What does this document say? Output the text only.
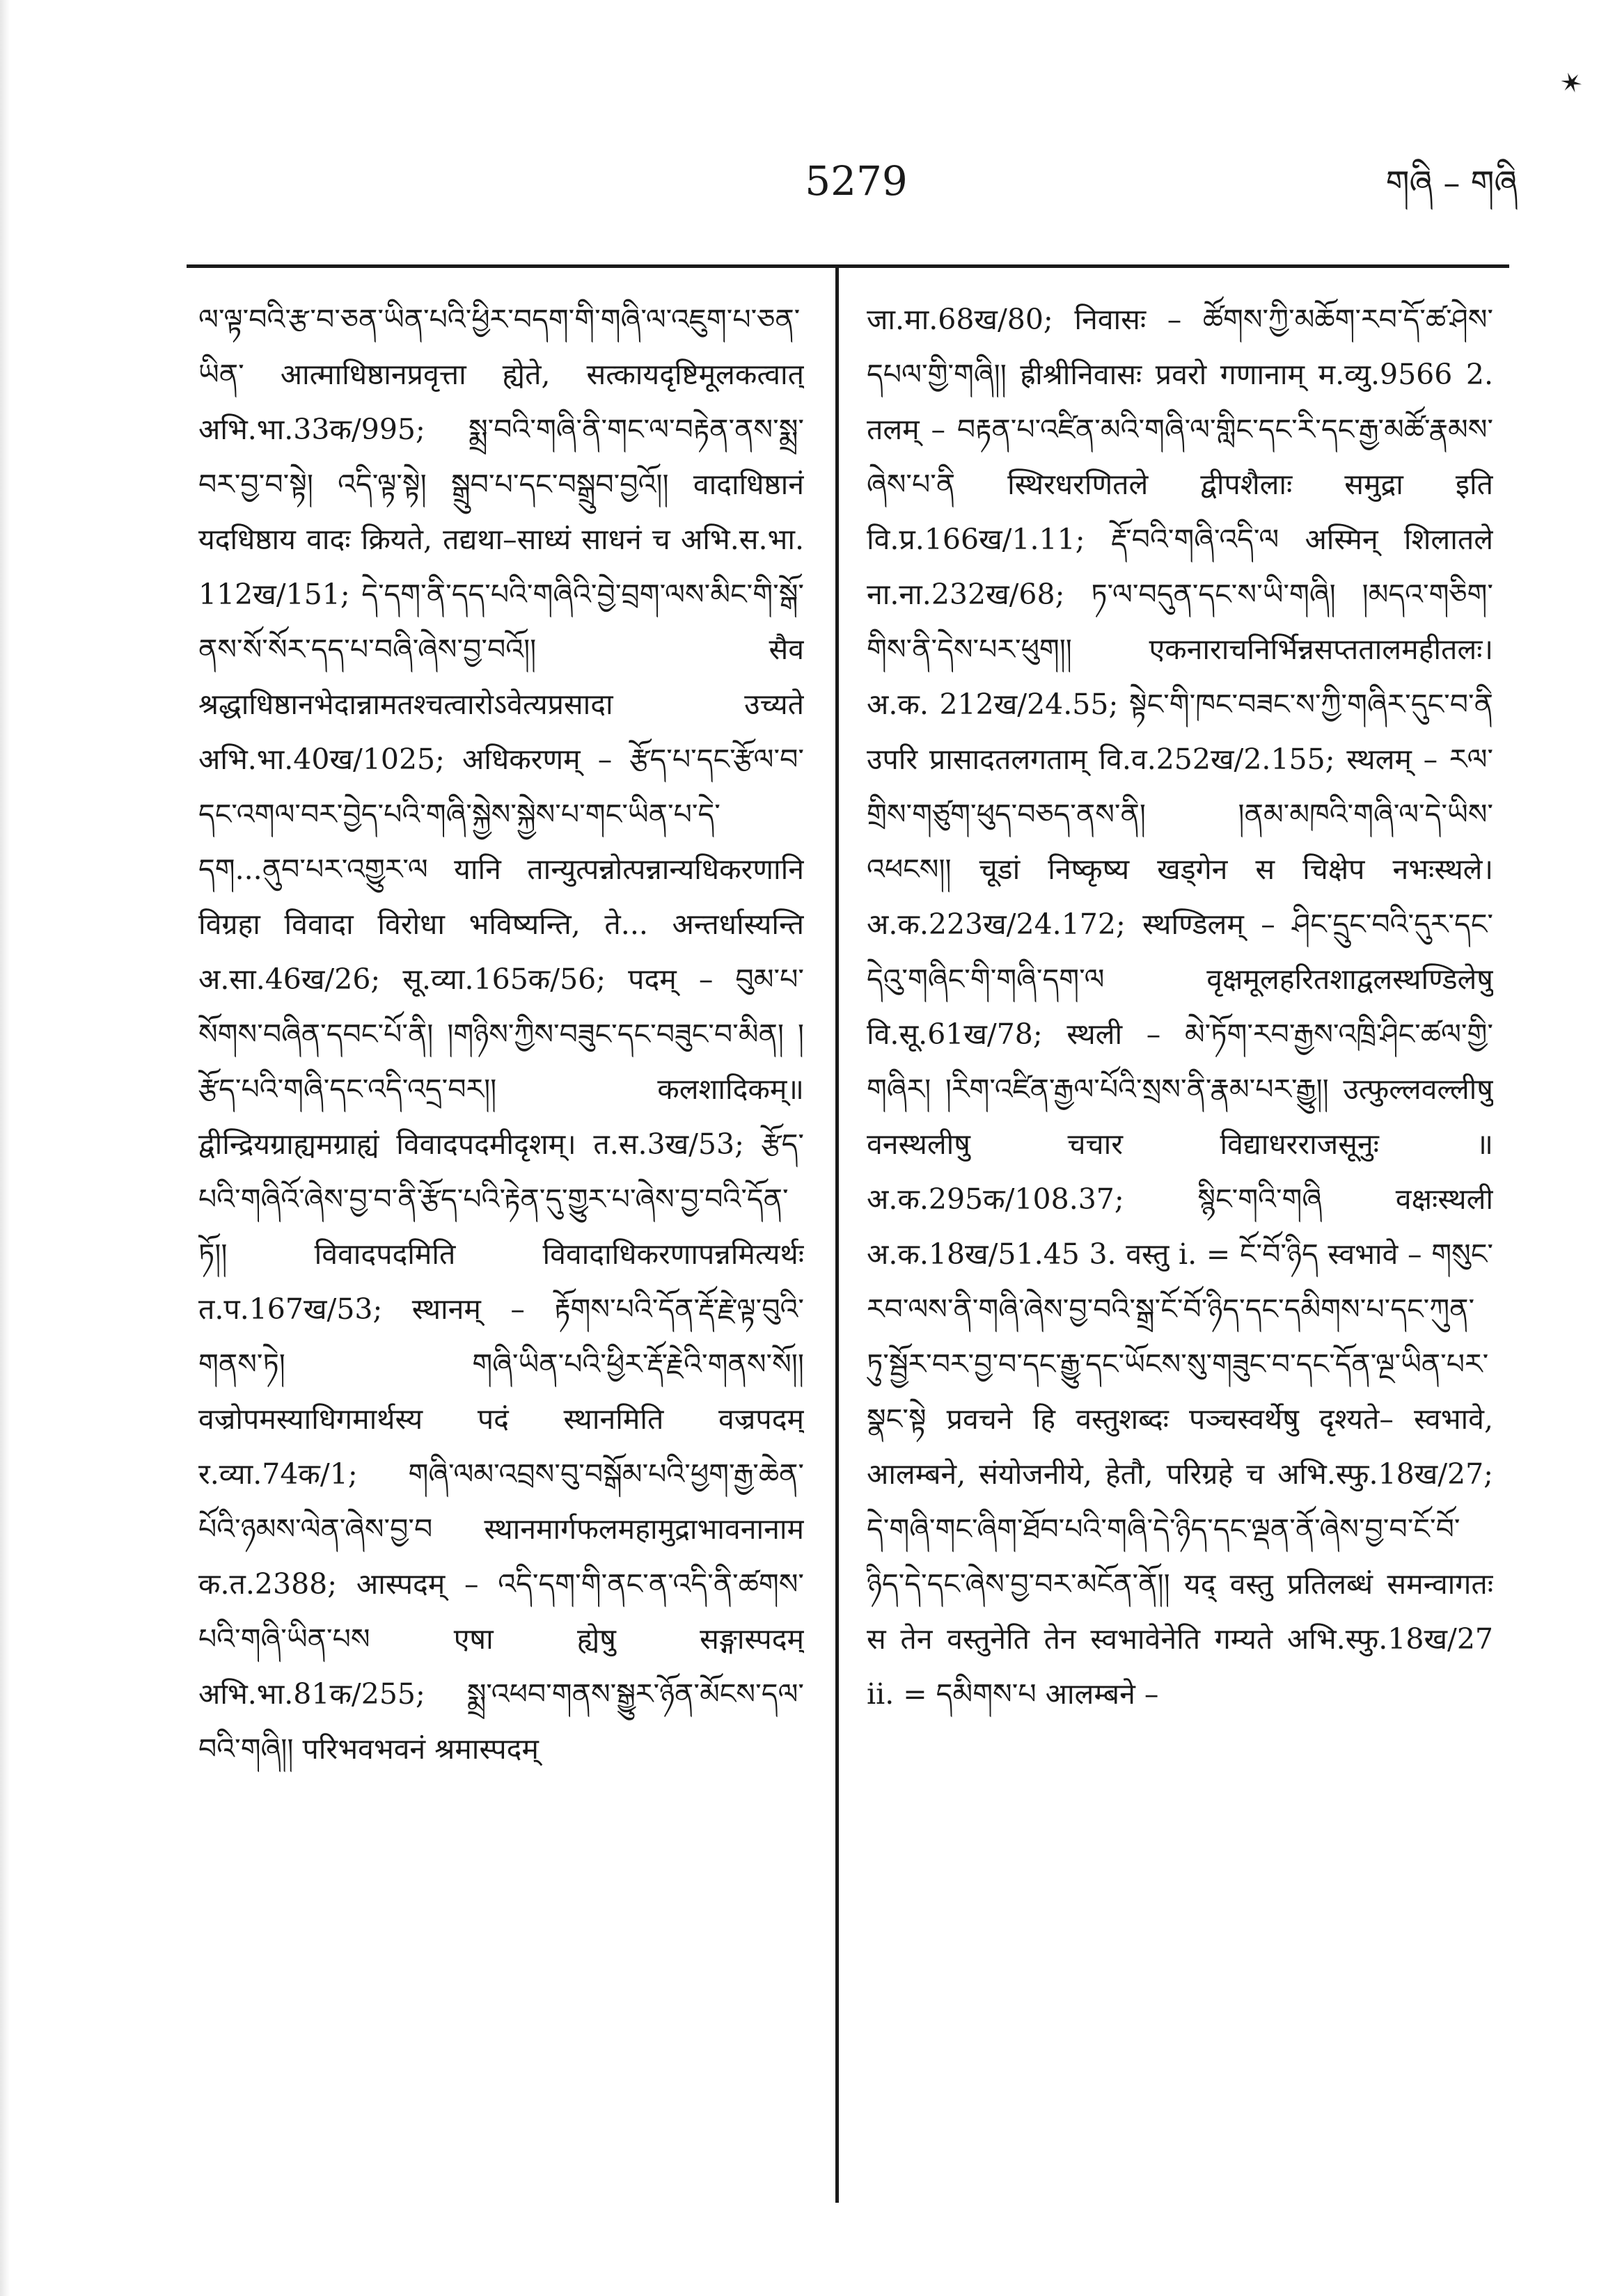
✶
5279	གཞི – གཞི

ལ་ལྟ་བའི་རྩ་བ་ཅན་ཡིན་པའི་ཕྱིར་བདག་གི་གཞི་ལ་འཇུག་པ་ཅན་ཡིན་ आत्माधिष्ठानप्रवृत्ता ह्येते, सत्कायदृष्टिमूलकत्वात् अभि.भा.33क/995; སྨྲ་བའི་གཞི་ནི་གང་ལ་བརྟེན་ནས་སྨྲ་བར་བྱ་བ་སྟེ། འདི་ལྟ་སྟེ། སྒྲུབ་པ་དང་བསྒྲུབ་བྱའོ།། वादाधिष्ठानं यदधिष्ठाय वादः क्रियते, तद्यथा–साध्यं साधनं च अभि.स.भा. 112ख/151; དེ་དག་ནི་དད་པའི་གཞིའི་བྱེ་བྲག་ལས་མིང་གི་སྒོ་ནས་སོ་སོར་དད་པ་བཞི་ཞེས་བྱ་བའོ།། सैव श्रद्धाधिष्ठानभेदान्नामतश्चत्वारोऽवेत्यप्रसादा उच्यते अभि.भा.40ख/1025; अधिकरणम् – རྩོད་པ་དང་རྩོལ་བ་དང་འགལ་བར་བྱེད་པའི་གཞི་སྐྱེས་སྐྱེས་པ་གང་ཡིན་པ་དེ་དག...ནུབ་པར་འགྱུར་ལ यानि तान्युत्पन्नोत्पन्नान्यधिकरणानि विग्रहा विवादा विरोधा भविष्यन्ति, ते... अन्तर्धास्यन्ति अ.सा.46ख/26; सू.व्या.165क/56; पदम् – བུམ་པ་སོགས་བཞིན་དབང་པོ་ནི། །གཉིས་ཀྱིས་བཟུང་དང་བཟུང་བ་མིན། །རྩོད་པའི་གཞི་དང་འདི་འདྲ་བར།། कलशादिकम्॥ द्वीन्द्रियग्राह्यमग्राह्यं विवादपदमीदृशम्। त.स.3ख/53; རྩོད་པའི་གཞིའོ་ཞེས་བྱ་བ་ནི་རྩོད་པའི་རྟེན་དུ་གྱུར་པ་ཞེས་བྱ་བའི་དོན་ཏོ།། विवादपदमिति विवादाधिकरणापन्नमित्यर्थः त.प.167ख/53; स्थानम् – རྟོགས་པའི་དོན་རྡོ་རྗེ་ལྟ་བུའི་གནས་ཏེ། གཞི་ཡིན་པའི་ཕྱིར་རྡོ་རྗེའི་གནས་སོ།། वज्रोपमस्याधिगमार्थस्य पदं स्थानमिति वज्रपदम् र.व्या.74क/1; གཞི་ལམ་འབྲས་བུ་བསྒོམ་པའི་ཕྱག་རྒྱ་ཆེན་པོའི་ཉམས་ལེན་ཞེས་བྱ་བ स्थानमार्गफलमहामुद्राभावनानाम क.त.2388; आस्पदम् – འདི་དག་གི་ནང་ན་འདི་ནི་ཚགས་པའི་གཞི་ཡིན་པས एषा ह्येषु सङ्गास्पदम् अभि.भा.81क/255; སྨྲ་འཕབ་གནས་སྒྱུར་ཉོན་མོངས་དལ་བའི་གཞི།། परिभवभवनं श्रमास्पदम्

जा.मा.68ख/80; निवासः – ཚོགས་ཀྱི་མཆོག་རབ་དོ་ཚ་ཤེས་དཔལ་གྱི་གཞི།། ह्रीश्रीनिवासः प्रवरो गणानाम् म.व्यु.9566 2. तलम् – བརྟན་པ་འཛིན་མའི་གཞི་ལ་གླིང་དང་རི་དང་རྒྱ་མཚོ་རྣམས་ཞེས་པ་ནི स्थिरधरणितले द्वीपशैलाः समुद्रा इति वि.प्र.166ख/1.11; རྡོ་བའི་གཞི་འདི་ལ अस्मिन् शिलातले ना.ना.232ख/68; ཏ་ལ་བདུན་དང་ས་ཡི་གཞི། །མདའ་གཅིག་གིས་ནི་དེས་པར་ཕུག།། एकनाराचनिर्भिन्नसप्ततालमहीतलः। अ.क. 212ख/24.55; སྟེང་གི་ཁང་བཟང་ས་ཀྱི་གཞིར་དུང་བ་ནི उपरि प्रासादतलगताम् वि.व.252ख/2.155; स्थलम् – རལ་གྲིས་གཙུག་ཕུད་བཅད་ནས་ནི། །ནམ་མཁའི་གཞི་ལ་དེ་ཡིས་འཕངས།། चूडां निष्कृष्य खड्गेन स चिक्षेप नभःस्थले। अ.क.223ख/24.172; स्थण्डिलम् – ཤིང་དྲུང་བའི་དུར་དང་དེའུ་གཞིང་གི་གཞི་དག་ལ वृक्षमूलहरितशाद्वलस्थण्डिलेषु वि.सू.61ख/78; स्थली – མེ་ཏོག་རབ་རྒྱས་འཁྲི་ཤིང་ཚལ་གྱི་གཞིར། །རིག་འཛིན་རྒྱལ་པོའི་སྲས་ནི་རྣམ་པར་རྒྱུ།། उत्फुल्लवल्लीषु वनस्थलीषु चचार विद्याधरराजसूनुः ॥ अ.क.295क/108.37; སྙིང་གའི་གཞི वक्षःस्थली अ.क.18ख/51.45 3. वस्तु i. = ངོ་བོ་ཉིད स्वभावे – གསུང་རབ་ལས་ནི་གཞི་ཞེས་བྱ་བའི་སྒྲ་ངོ་བོ་ཉིད་དང་དམིགས་པ་དང་ཀུན་ཏུ་སྦྱོར་བར་བྱ་བ་དང་རྒྱུ་དང་ཡོངས་སུ་གཟུང་བ་དང་དོན་ལྔ་ཡིན་པར་སྣང་སྟེ प्रवचने हि वस्तुशब्दः पञ्चस्वर्थेषु दृश्यते– स्वभावे, आलम्बने, संयोजनीये, हेतौ, परिग्रहे च अभि.स्फु.18ख/27; དེ་གཞི་གང་ཞིག་ཐོབ་པའི་གཞི་དེ་ཉིད་དང་ལྡན་ནོ་ཞེས་བྱ་བ་ངོ་བོ་ཉིད་དེ་དང་ཞེས་བྱ་བར་མངོན་ནོ།། यद् वस्तु प्रतिलब्धं समन्वागतः स तेन वस्तुनेति तेन स्वभावेनेति गम्यते अभि.स्फु.18ख/27 ii. = དམིགས་པ आलम्बने –
